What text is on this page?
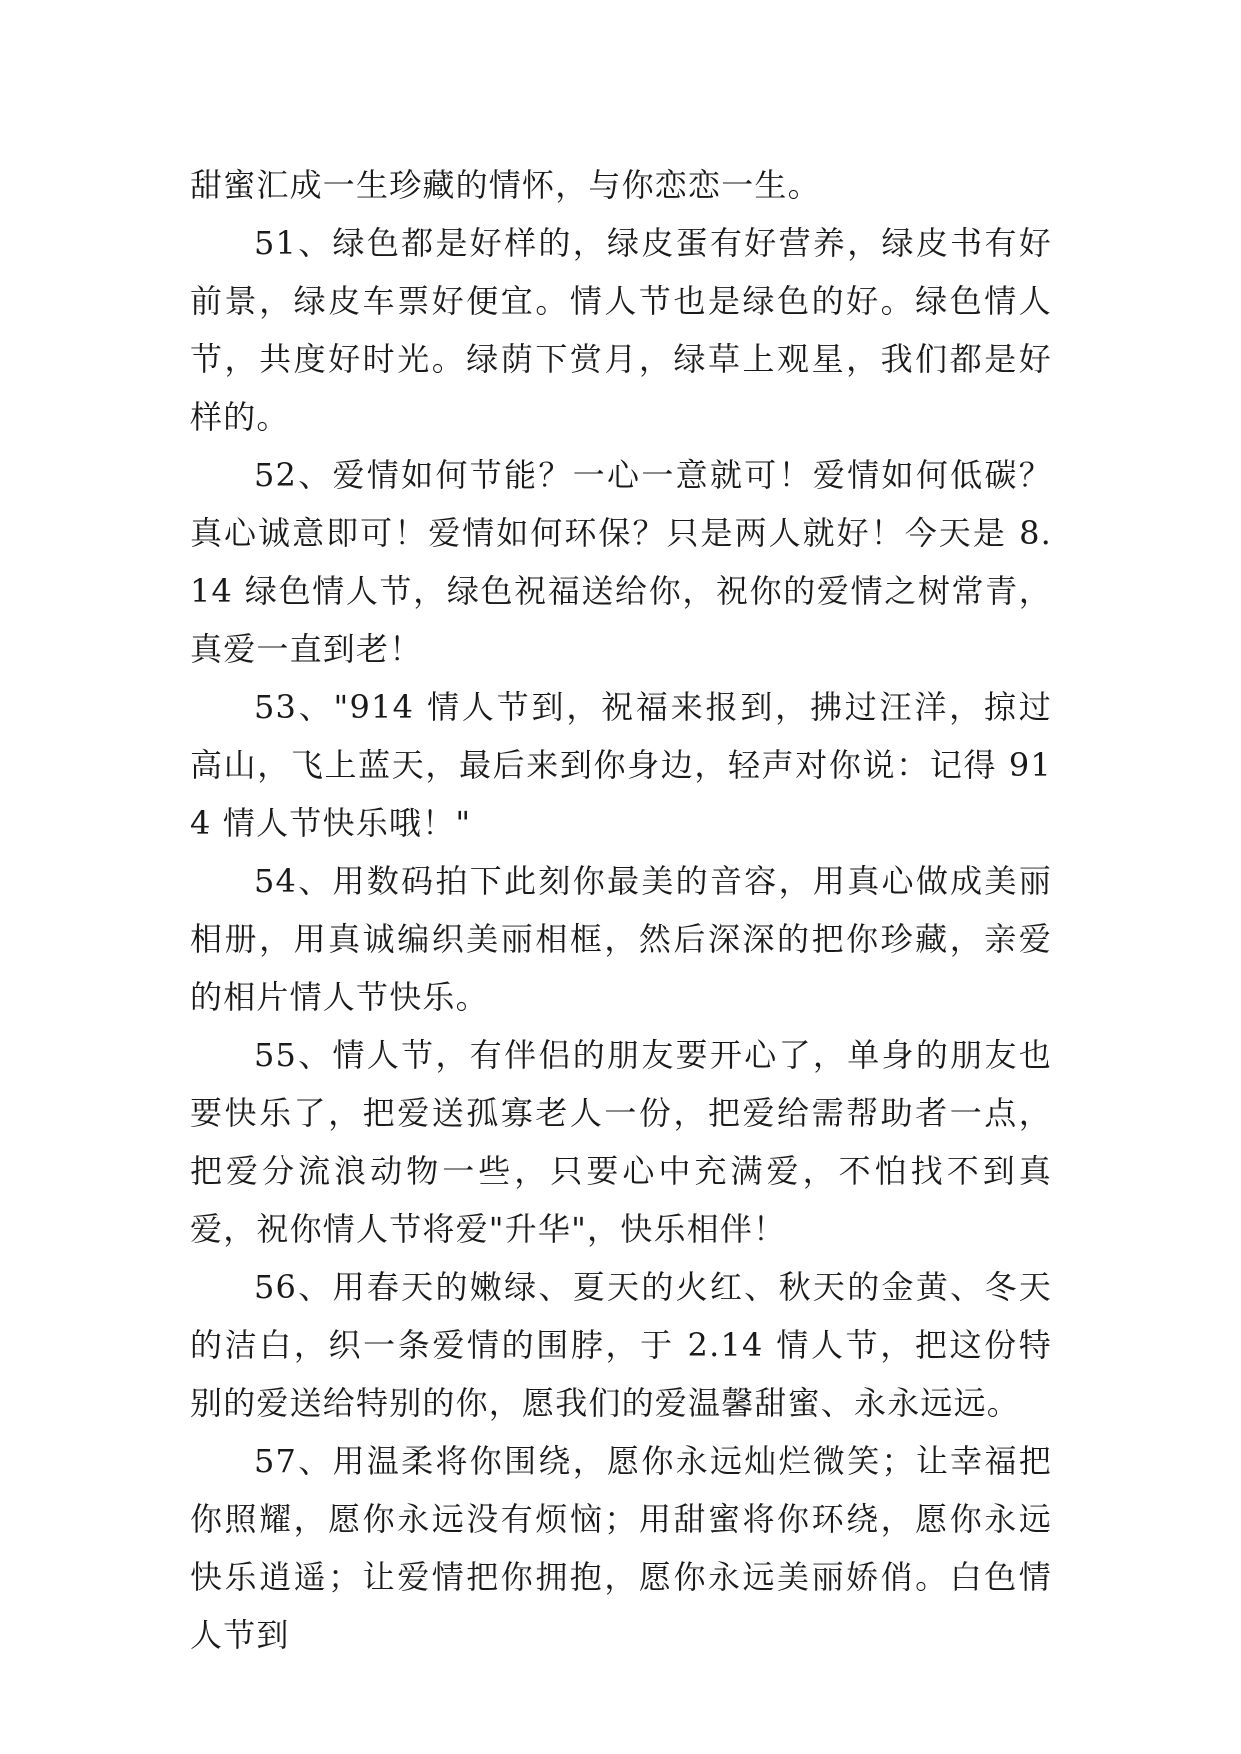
甜蜜汇成一生珍藏的情怀，与你恋恋一生。

51、绿色都是好样的，绿皮蛋有好营养，绿皮书有好前景，绿皮车票好便宜。情人节也是绿色的好。绿色情人节，共度好时光。绿荫下赏月，绿草上观星，我们都是好样的。

52、爱情如何节能？一心一意就可！爱情如何低碳？真心诚意即可！爱情如何环保？只是两人就好！今天是 8.14 绿色情人节，绿色祝福送给你，祝你的爱情之树常青，真爱一直到老！

53、"914 情人节到，祝福来报到，拂过汪洋，掠过高山，飞上蓝天，最后来到你身边，轻声对你说：记得 914 情人节快乐哦！"

54、用数码拍下此刻你最美的音容，用真心做成美丽相册，用真诚编织美丽相框，然后深深的把你珍藏，亲爱的相片情人节快乐。

55、情人节，有伴侣的朋友要开心了，单身的朋友也要快乐了，把爱送孤寡老人一份，把爱给需帮助者一点，把爱分流浪动物一些，只要心中充满爱，不怕找不到真爱，祝你情人节将爱"升华"，快乐相伴！

56、用春天的嫩绿、夏天的火红、秋天的金黄、冬天的洁白，织一条爱情的围脖，于 2.14 情人节，把这份特别的爱送给特别的你，愿我们的爱温馨甜蜜、永永远远。

57、用温柔将你围绕，愿你永远灿烂微笑；让幸福把你照耀，愿你永远没有烦恼；用甜蜜将你环绕，愿你永远快乐逍遥；让爱情把你拥抱，愿你永远美丽娇俏。白色情人节到
